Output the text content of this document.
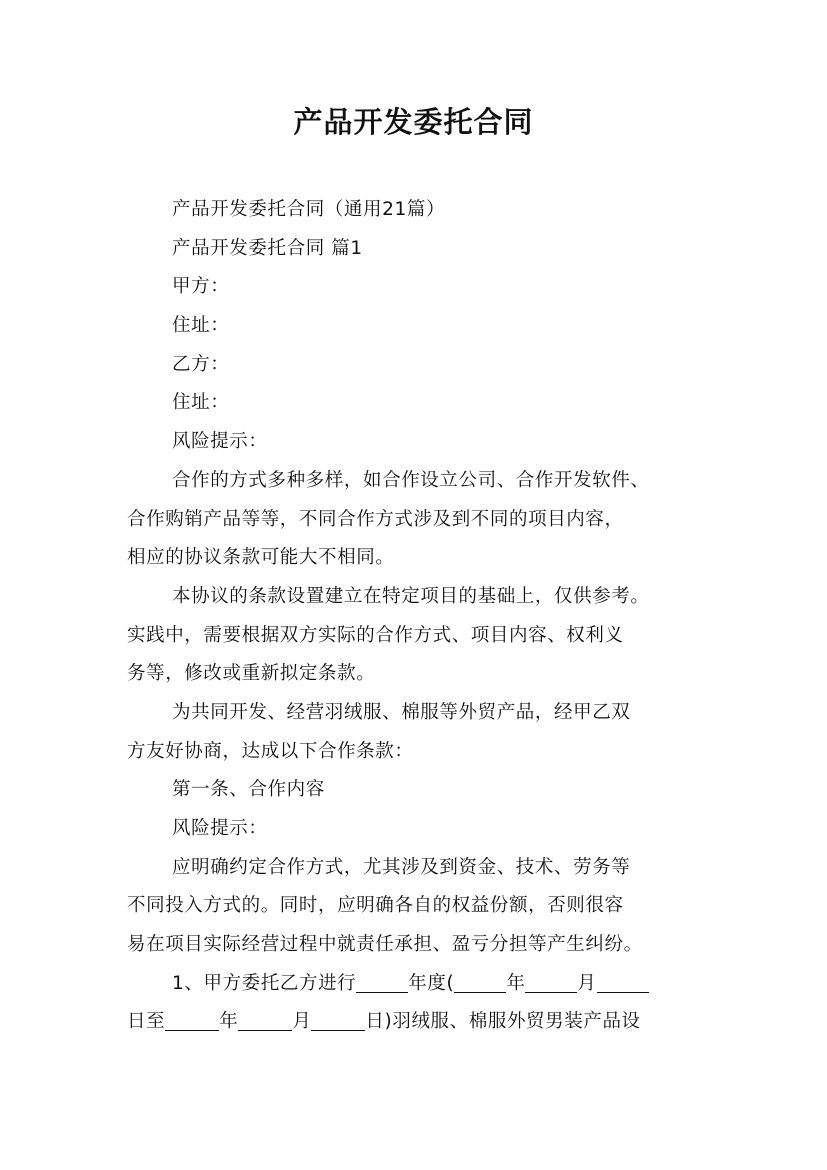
产品开发委托合同
产品开发委托合同（通用21篇）
产品开发委托合同 篇1
甲方：
住址：
乙方：
住址：
风险提示：
合作的方式多种多样，如合作设立公司、合作开发软件、
合作购销产品等等，不同合作方式涉及到不同的项目内容，
相应的协议条款可能大不相同。
本协议的条款设置建立在特定项目的基础上，仅供参考。
实践中，需要根据双方实际的合作方式、项目内容、权利义
务等，修改或重新拟定条款。
为共同开发、经营羽绒服、棉服等外贸产品，经甲乙双
方友好协商，达成以下合作条款：
第一条、合作内容
风险提示：
应明确约定合作方式，尤其涉及到资金、技术、劳务等
不同投入方式的。同时，应明确各自的权益份额，否则很容
易在项目实际经营过程中就责任承担、盈亏分担等产生纠纷。
1、甲方委托乙方进行	年度(	年	月
日至	年	月	日)羽绒服、棉服外贸男装产品设
